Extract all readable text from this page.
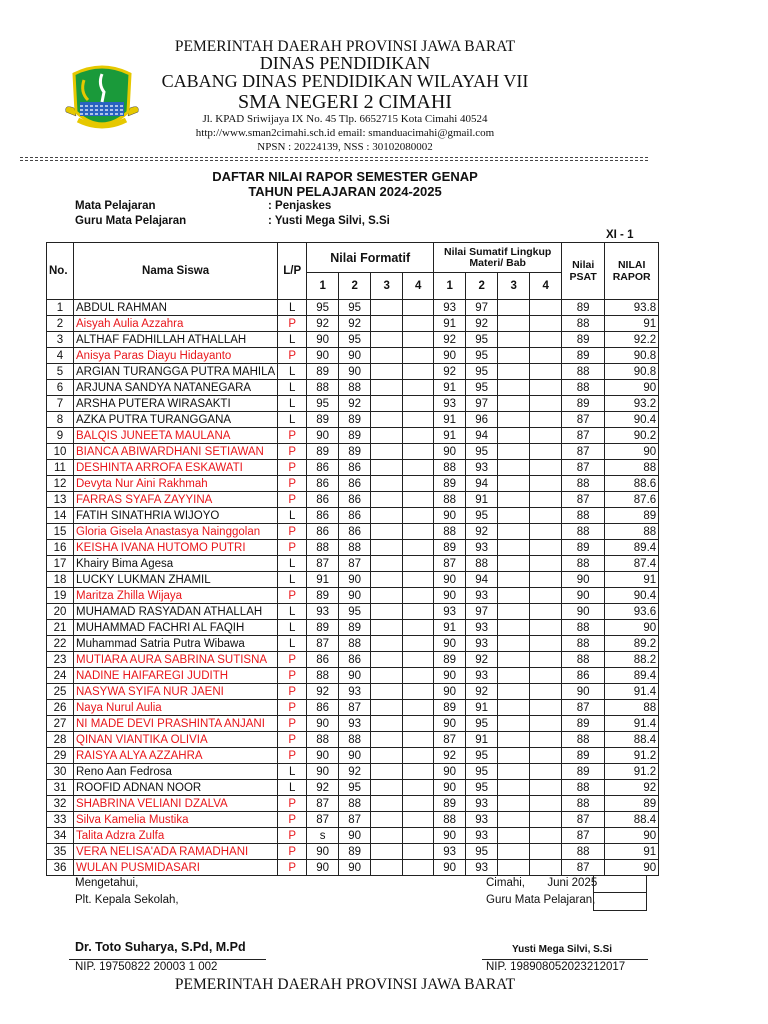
PEMERINTAH DAERAH PROVINSI JAWA BARAT
DINAS PENDIDIKAN
CABANG DINAS PENDIDIKAN WILAYAH VII
SMA NEGERI 2 CIMAHI
Jl. KPAD Sriwijaya IX No. 45 Tlp. 6652715 Kota Cimahi 40524
http://www.sman2cimahi.sch.id email: smanduacimahi@gmail.com
NPSN : 20224139, NSS : 30102080002
DAFTAR NILAI RAPOR SEMESTER GENAP
TAHUN PELAJARAN 2024-2025
Mata Pelajaran	: Penjaskes
Guru Mata Pelajaran	: Yusti Mega Silvi, S.Si
XI - 1
No.	Nama Siswa	L/P	Nilai Formatif				Nilai Sumatif Lingkup Materi/ Bab				Nilai PSAT	NILAI RAPOR
			1	2	3	4	1	2	3	4		
1	ABDUL RAHMAN	L	95	95			93	97			89	93.8
2	Aisyah Aulia Azzahra	P	92	92			91	92			88	91
3	ALTHAF FADHILLAH ATHALLAH	L	90	95			92	95			89	92.2
4	Anisya Paras Diayu Hidayanto	P	90	90			90	95			89	90.8
5	ARGIAN TURANGGA PUTRA MAHILA	L	89	90			92	95			88	90.8
6	ARJUNA SANDYA NATANEGARA	L	88	88			91	95			88	90
7	ARSHA PUTERA WIRASAKTI	L	95	92			93	97			89	93.2
8	AZKA PUTRA TURANGGANA	L	89	89			91	96			87	90.4
9	BALQIS JUNEETA MAULANA	P	90	89			91	94			87	90.2
10	BIANCA ABIWARDHANI SETIAWAN	P	89	89			90	95			87	90
11	DESHINTA ARROFA ESKAWATI	P	86	86			88	93			87	88
12	Devyta Nur Aini Rakhmah	P	86	86			89	94			88	88.6
13	FARRAS SYAFA ZAYYINA	P	86	86			88	91			87	87.6
14	FATIH SINATHRIA WIJOYO	L	86	86			90	95			88	89
15	Gloria Gisela Anastasya Nainggolan	P	86	86			88	92			88	88
16	KEISHA IVANA HUTOMO PUTRI	P	88	88			89	93			89	89.4
17	Khairy Bima Agesa	L	87	87			87	88			88	87.4
18	LUCKY LUKMAN ZHAMIL	L	91	90			90	94			90	91
19	Maritza Zhilla Wijaya	P	89	90			90	93			90	90.4
20	MUHAMAD RASYADAN ATHALLAH	L	93	95			93	97			90	93.6
21	MUHAMMAD FACHRI AL FAQIH	L	89	89			91	93			88	90
22	Muhammad Satria Putra Wibawa	L	87	88			90	93			88	89.2
23	MUTIARA AURA SABRINA SUTISNA	P	86	86			89	92			88	88.2
24	NADINE HAIFAREGI JUDITH	P	88	90			90	93			86	89.4
25	NASYWA SYIFA NUR JAENI	P	92	93			90	92			90	91.4
26	Naya Nurul Aulia	P	86	87			89	91			87	88
27	NI MADE DEVI PRASHINTA ANJANI	P	90	93			90	95			89	91.4
28	QINAN VIANTIKA OLIVIA	P	88	88			87	91			88	88.4
29	RAISYA ALYA AZZAHRA	P	90	90			92	95			89	91.2
30	Reno Aan Fedrosa	L	90	92			90	95			89	91.2
31	ROOFID ADNAN NOOR	L	92	95			90	95			88	92
32	SHABRINA VELIANI DZALVA	P	87	88			89	93			88	89
33	Silva Kamelia Mustika	P	87	87			88	93			87	88.4
34	Talita Adzra Zulfa	P	s	90			90	93			87	90
35	VERA NELISA'ADA RAMADHANI	P	90	89			93	95			88	91
36	WULAN PUSMIDASARI	P	90	90			90	93			87	90
Mengetahui,
Plt. Kepala Sekolah,
Cimahi,       Juni 2025
Guru Mata Pelajaran,
Dr. Toto Suharya, S.Pd, M.Pd
NIP. 19750822 20003 1 002
Yusti Mega Silvi, S.Si
NIP. 198908052023212017
PEMERINTAH DAERAH PROVINSI JAWA BARAT
